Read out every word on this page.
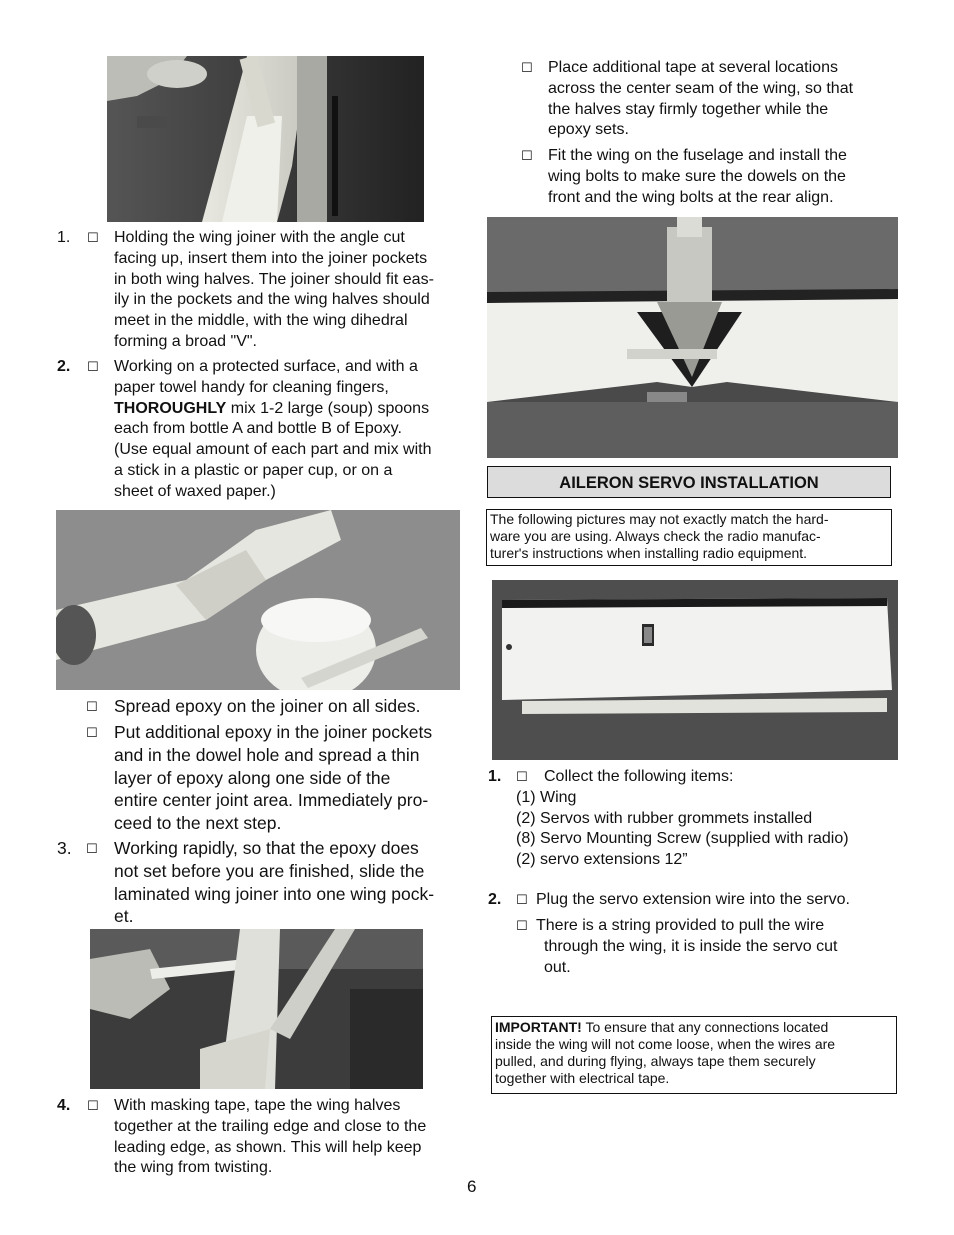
1. ☐ Holding the wing joiner with the angle cut
facing up, insert them into the joiner pockets
in both wing halves. The joiner should fit eas-
ily in the pockets and the wing halves should
meet in the middle, with the wing dihedral
forming a broad "V".
2. ☐ Working on a protected surface, and with a
paper towel handy for cleaning fingers,
THOROUGHLY mix 1-2 large (soup) spoons
each from bottle A and bottle B of Epoxy.
(Use equal amount of each part and mix with
a stick in a plastic or paper cup, or on a
sheet of waxed paper.)
☐ Spread epoxy on the joiner on all sides.
☐ Put additional epoxy in the joiner pockets
and in the dowel hole and spread a thin
layer of epoxy along one side of the
entire center joint area. Immediately pro-
ceed to the next step.
3. ☐ Working rapidly, so that the epoxy does
not set before you are finished, slide the
laminated wing joiner into one wing pock-
et.
4. ☐ With masking tape, tape the wing halves
together at the trailing edge and close to the
leading edge, as shown. This will help keep
the wing from twisting.
6
☐ Place additional tape at several locations
across the center seam of the wing, so that
the halves stay firmly together while the
epoxy sets.
☐ Fit the wing on the fuselage and install the
wing bolts to make sure the dowels on the
front and the wing bolts at the rear align.
AILERON SERVO INSTALLATION
The following pictures may not exactly match the hard-
ware you are using. Always check the radio manufac-
turer's instructions when installing radio equipment.
1. ☐ Collect the following items:
(1) Wing
(2) Servos with rubber grommets installed
(8) Servo Mounting Screw (supplied with radio)
(2) servo extensions 12”
2. ☐ Plug the servo extension wire into the servo.
☐ There is a string provided to pull the wire
through the wing, it is inside the servo cut
out.
IMPORTANT! To ensure that any connections located
inside the wing will not come loose, when the wires are
pulled, and during flying, always tape them securely
together with electrical tape.
